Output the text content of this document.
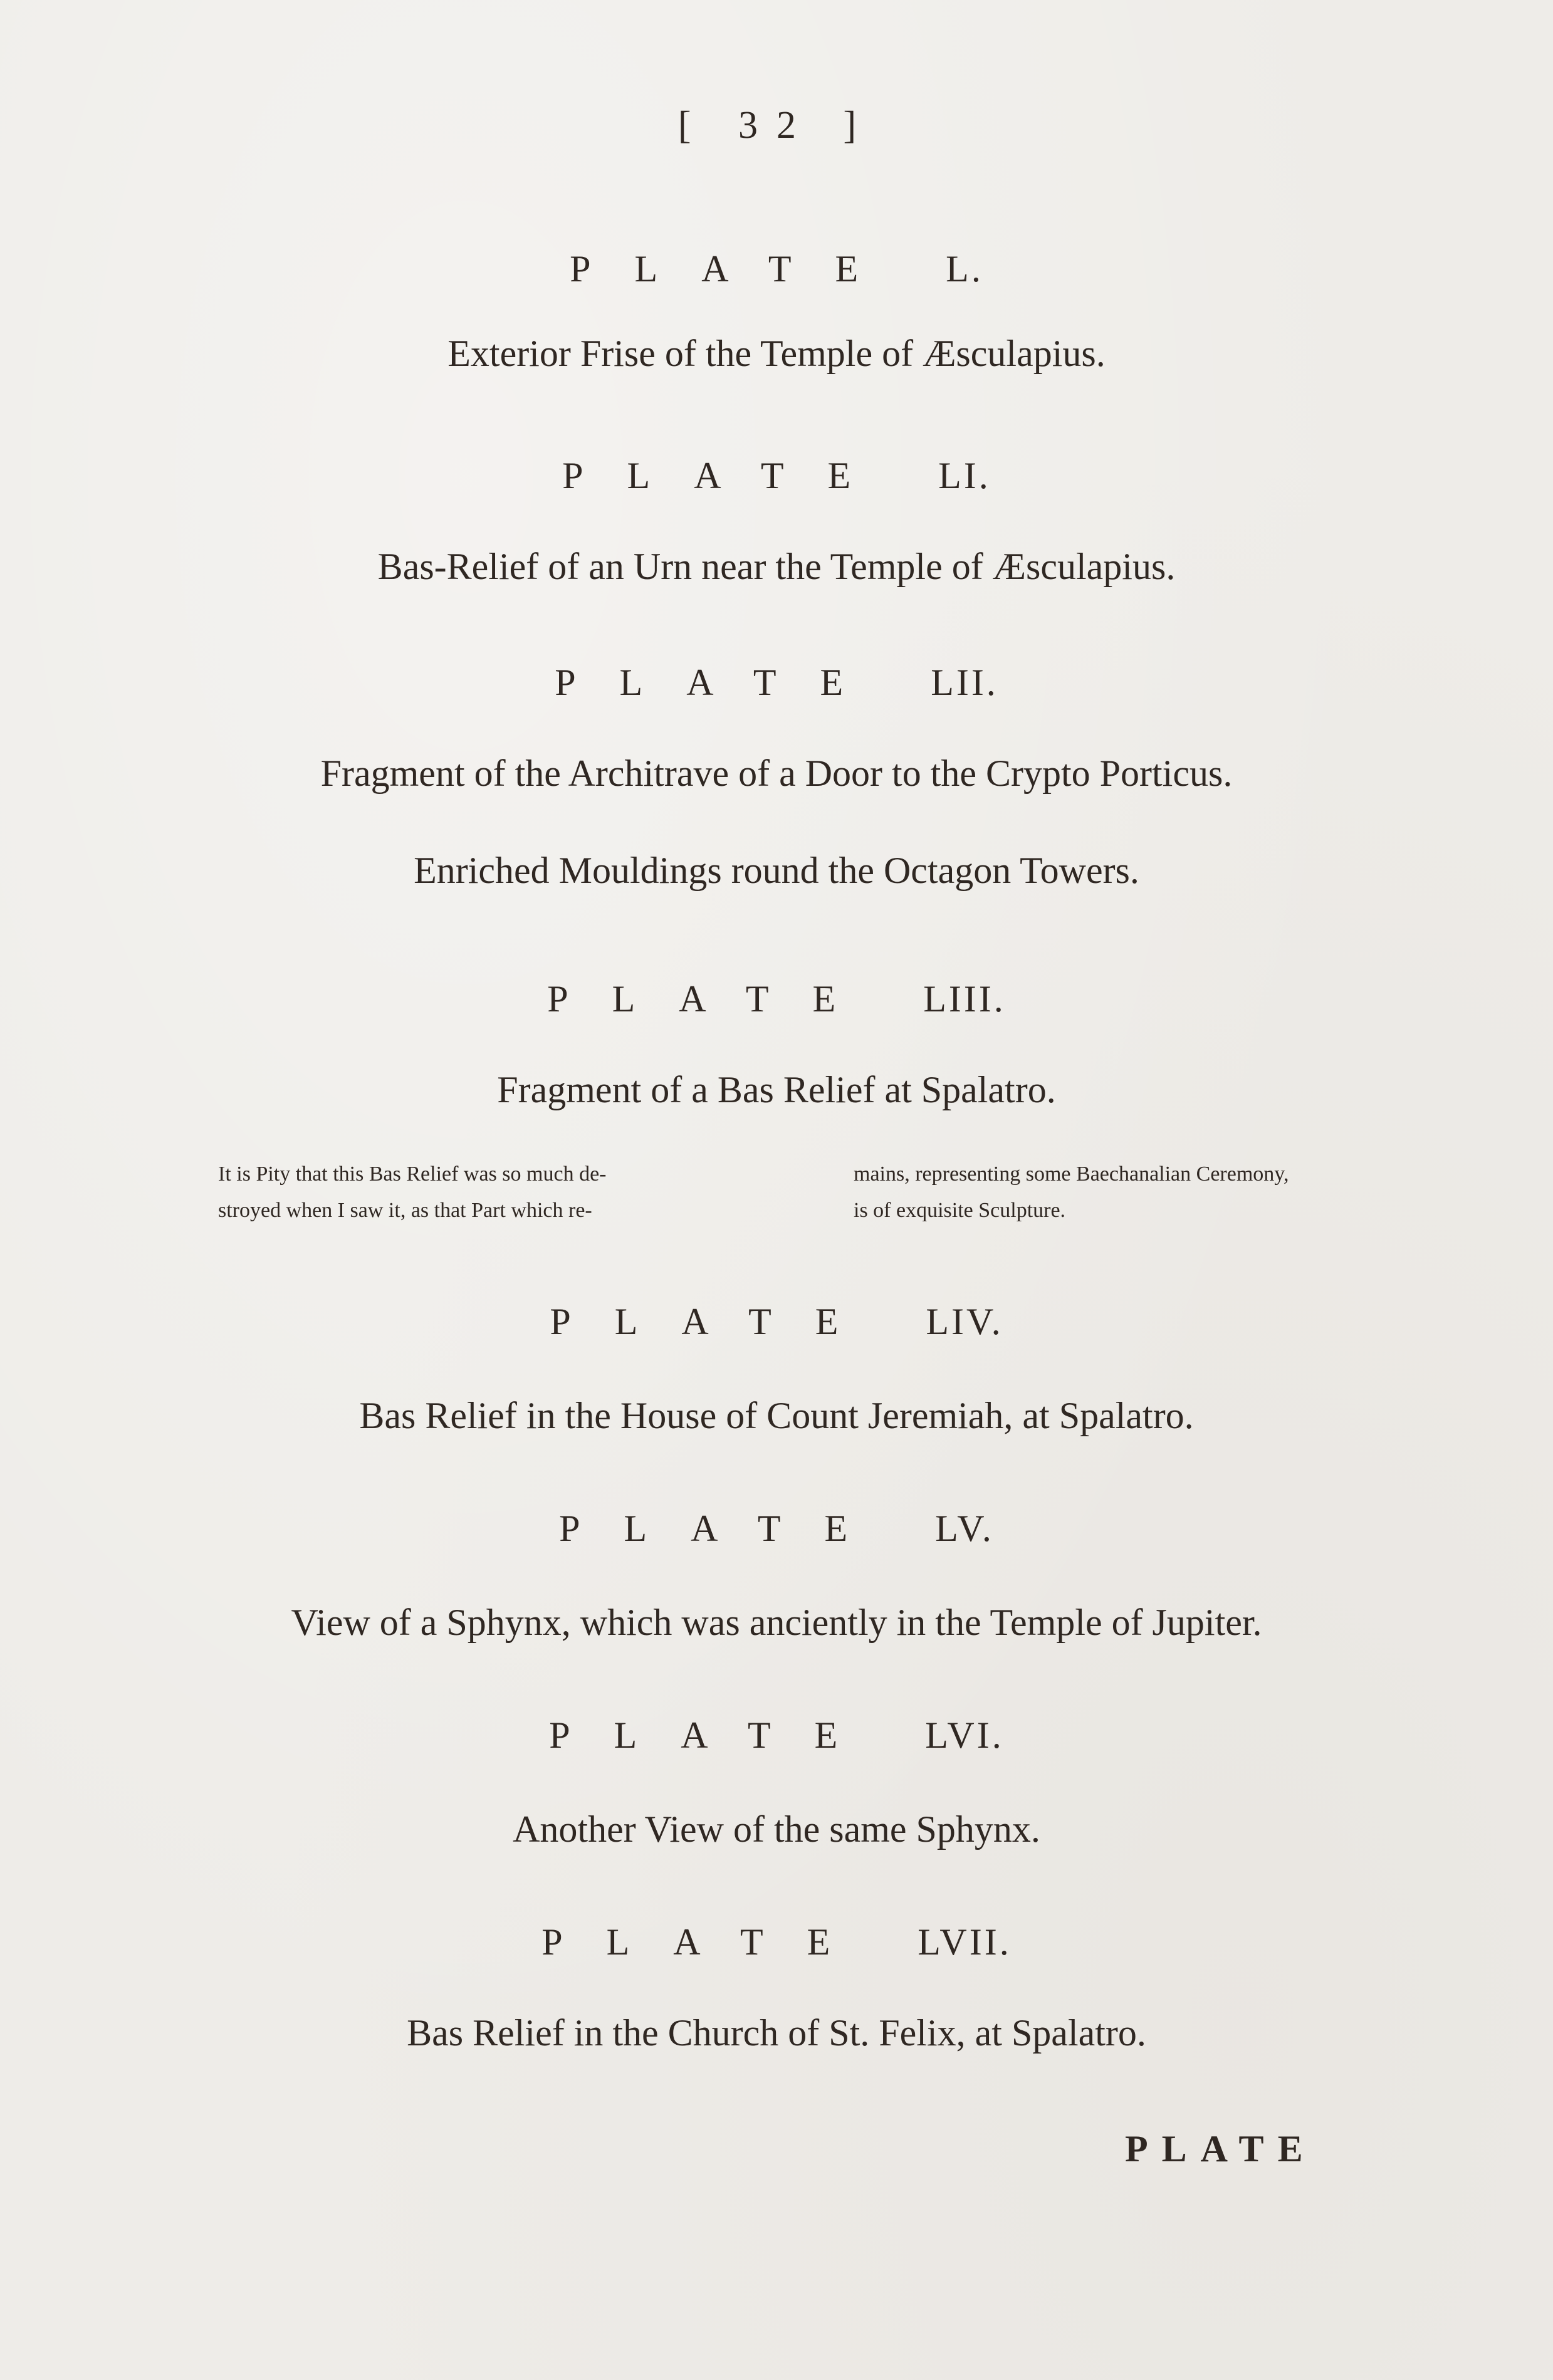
[ 32 ]
PLATE L.
Exterior Frise of the Temple of Æsculapius.
PLATE LI.
Bas-Relief of an Urn near the Temple of Æsculapius.
PLATE LII.
Fragment of the Architrave of a Door to the Crypto Porticus.
Enriched Mouldings round the Octagon Towers.
PLATE LIII.
Fragment of a Bas Relief at Spalatro.
It is Pity that this Bas Relief was so much de-
stroyed when I saw it, as that Part which re-
mains, representing some Baechanalian Ceremony,
is of exquisite Sculpture.
PLATE LIV.
Bas Relief in the House of Count Jeremiah, at Spalatro.
PLATE LV.
View of a Sphynx, which was anciently in the Temple of Jupiter.
PLATE LVI.
Another View of the same Sphynx.
PLATE LVII.
Bas Relief in the Church of St. Felix, at Spalatro.
PLATE
